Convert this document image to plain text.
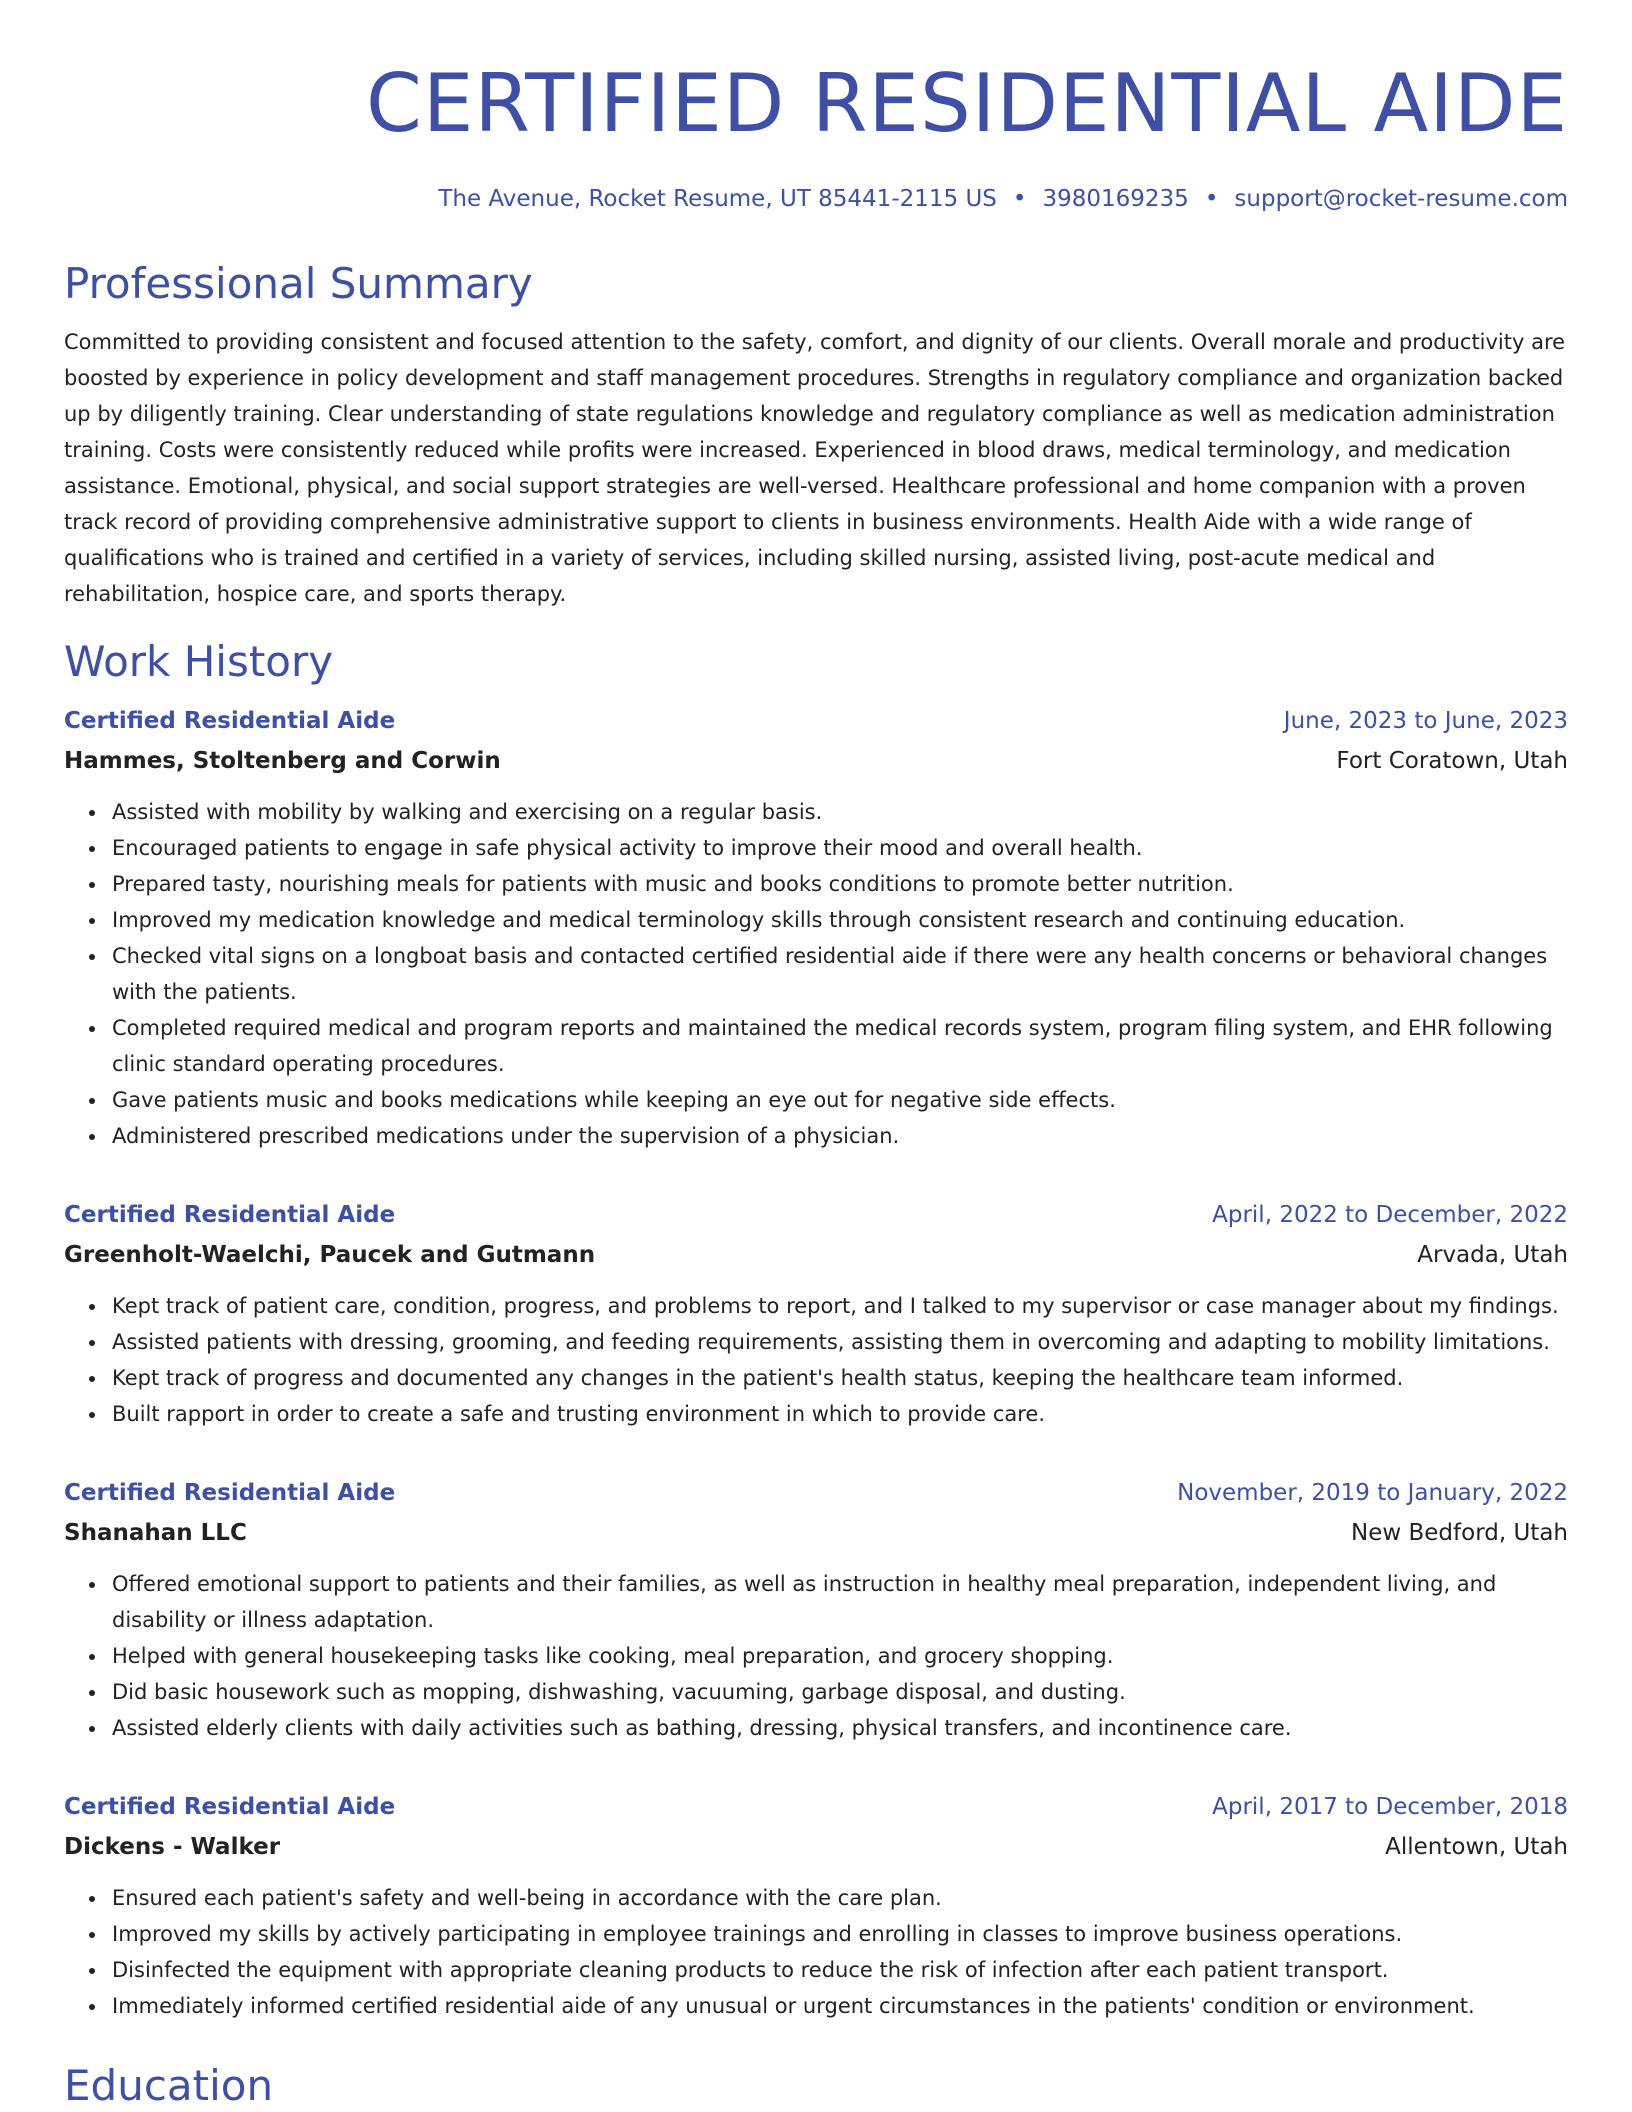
CERTIFIED RESIDENTIAL AIDE
The Avenue, Rocket Resume, UT 85441-2115 US • 3980169235 • support@rocket-resume.com
Professional Summary

Committed to providing consistent and focused attention to the safety, comfort, and dignity of our clients. Overall morale and productivity are boosted by experience in policy development and staff management procedures. Strengths in regulatory compliance and organization backed up by diligently training. Clear understanding of state regulations knowledge and regulatory compliance as well as medication administration training. Costs were consistently reduced while profits were increased. Experienced in blood draws, medical terminology, and medication assistance. Emotional, physical, and social support strategies are well-versed. Healthcare professional and home companion with a proven track record of providing comprehensive administrative support to clients in business environments. Health Aide with a wide range of qualifications who is trained and certified in a variety of services, including skilled nursing, assisted living, post-acute medical and rehabilitation, hospice care, and sports therapy.

Work History
Certified Residential Aide	June, 2023 to June, 2023
Hammes, Stoltenberg and Corwin	Fort Coratown, Utah
• Assisted with mobility by walking and exercising on a regular basis.
• Encouraged patients to engage in safe physical activity to improve their mood and overall health.
• Prepared tasty, nourishing meals for patients with music and books conditions to promote better nutrition.
• Improved my medication knowledge and medical terminology skills through consistent research and continuing education.
• Checked vital signs on a longboat basis and contacted certified residential aide if there were any health concerns or behavioral changes with the patients.
• Completed required medical and program reports and maintained the medical records system, program filing system, and EHR following clinic standard operating procedures.
• Gave patients music and books medications while keeping an eye out for negative side effects.
• Administered prescribed medications under the supervision of a physician.
Certified Residential Aide	April, 2022 to December, 2022
Greenholt-Waelchi, Paucek and Gutmann	Arvada, Utah
• Kept track of patient care, condition, progress, and problems to report, and I talked to my supervisor or case manager about my findings.
• Assisted patients with dressing, grooming, and feeding requirements, assisting them in overcoming and adapting to mobility limitations.
• Kept track of progress and documented any changes in the patient's health status, keeping the healthcare team informed.
• Built rapport in order to create a safe and trusting environment in which to provide care.
Certified Residential Aide	November, 2019 to January, 2022
Shanahan LLC	New Bedford, Utah
• Offered emotional support to patients and their families, as well as instruction in healthy meal preparation, independent living, and disability or illness adaptation.
• Helped with general housekeeping tasks like cooking, meal preparation, and grocery shopping.
• Did basic housework such as mopping, dishwashing, vacuuming, garbage disposal, and dusting.
• Assisted elderly clients with daily activities such as bathing, dressing, physical transfers, and incontinence care.
Certified Residential Aide	April, 2017 to December, 2018
Dickens - Walker	Allentown, Utah
• Ensured each patient's safety and well-being in accordance with the care plan.
• Improved my skills by actively participating in employee trainings and enrolling in classes to improve business operations.
• Disinfected the equipment with appropriate cleaning products to reduce the risk of infection after each patient transport.
• Immediately informed certified residential aide of any unusual or urgent circumstances in the patients' condition or environment.
Education
